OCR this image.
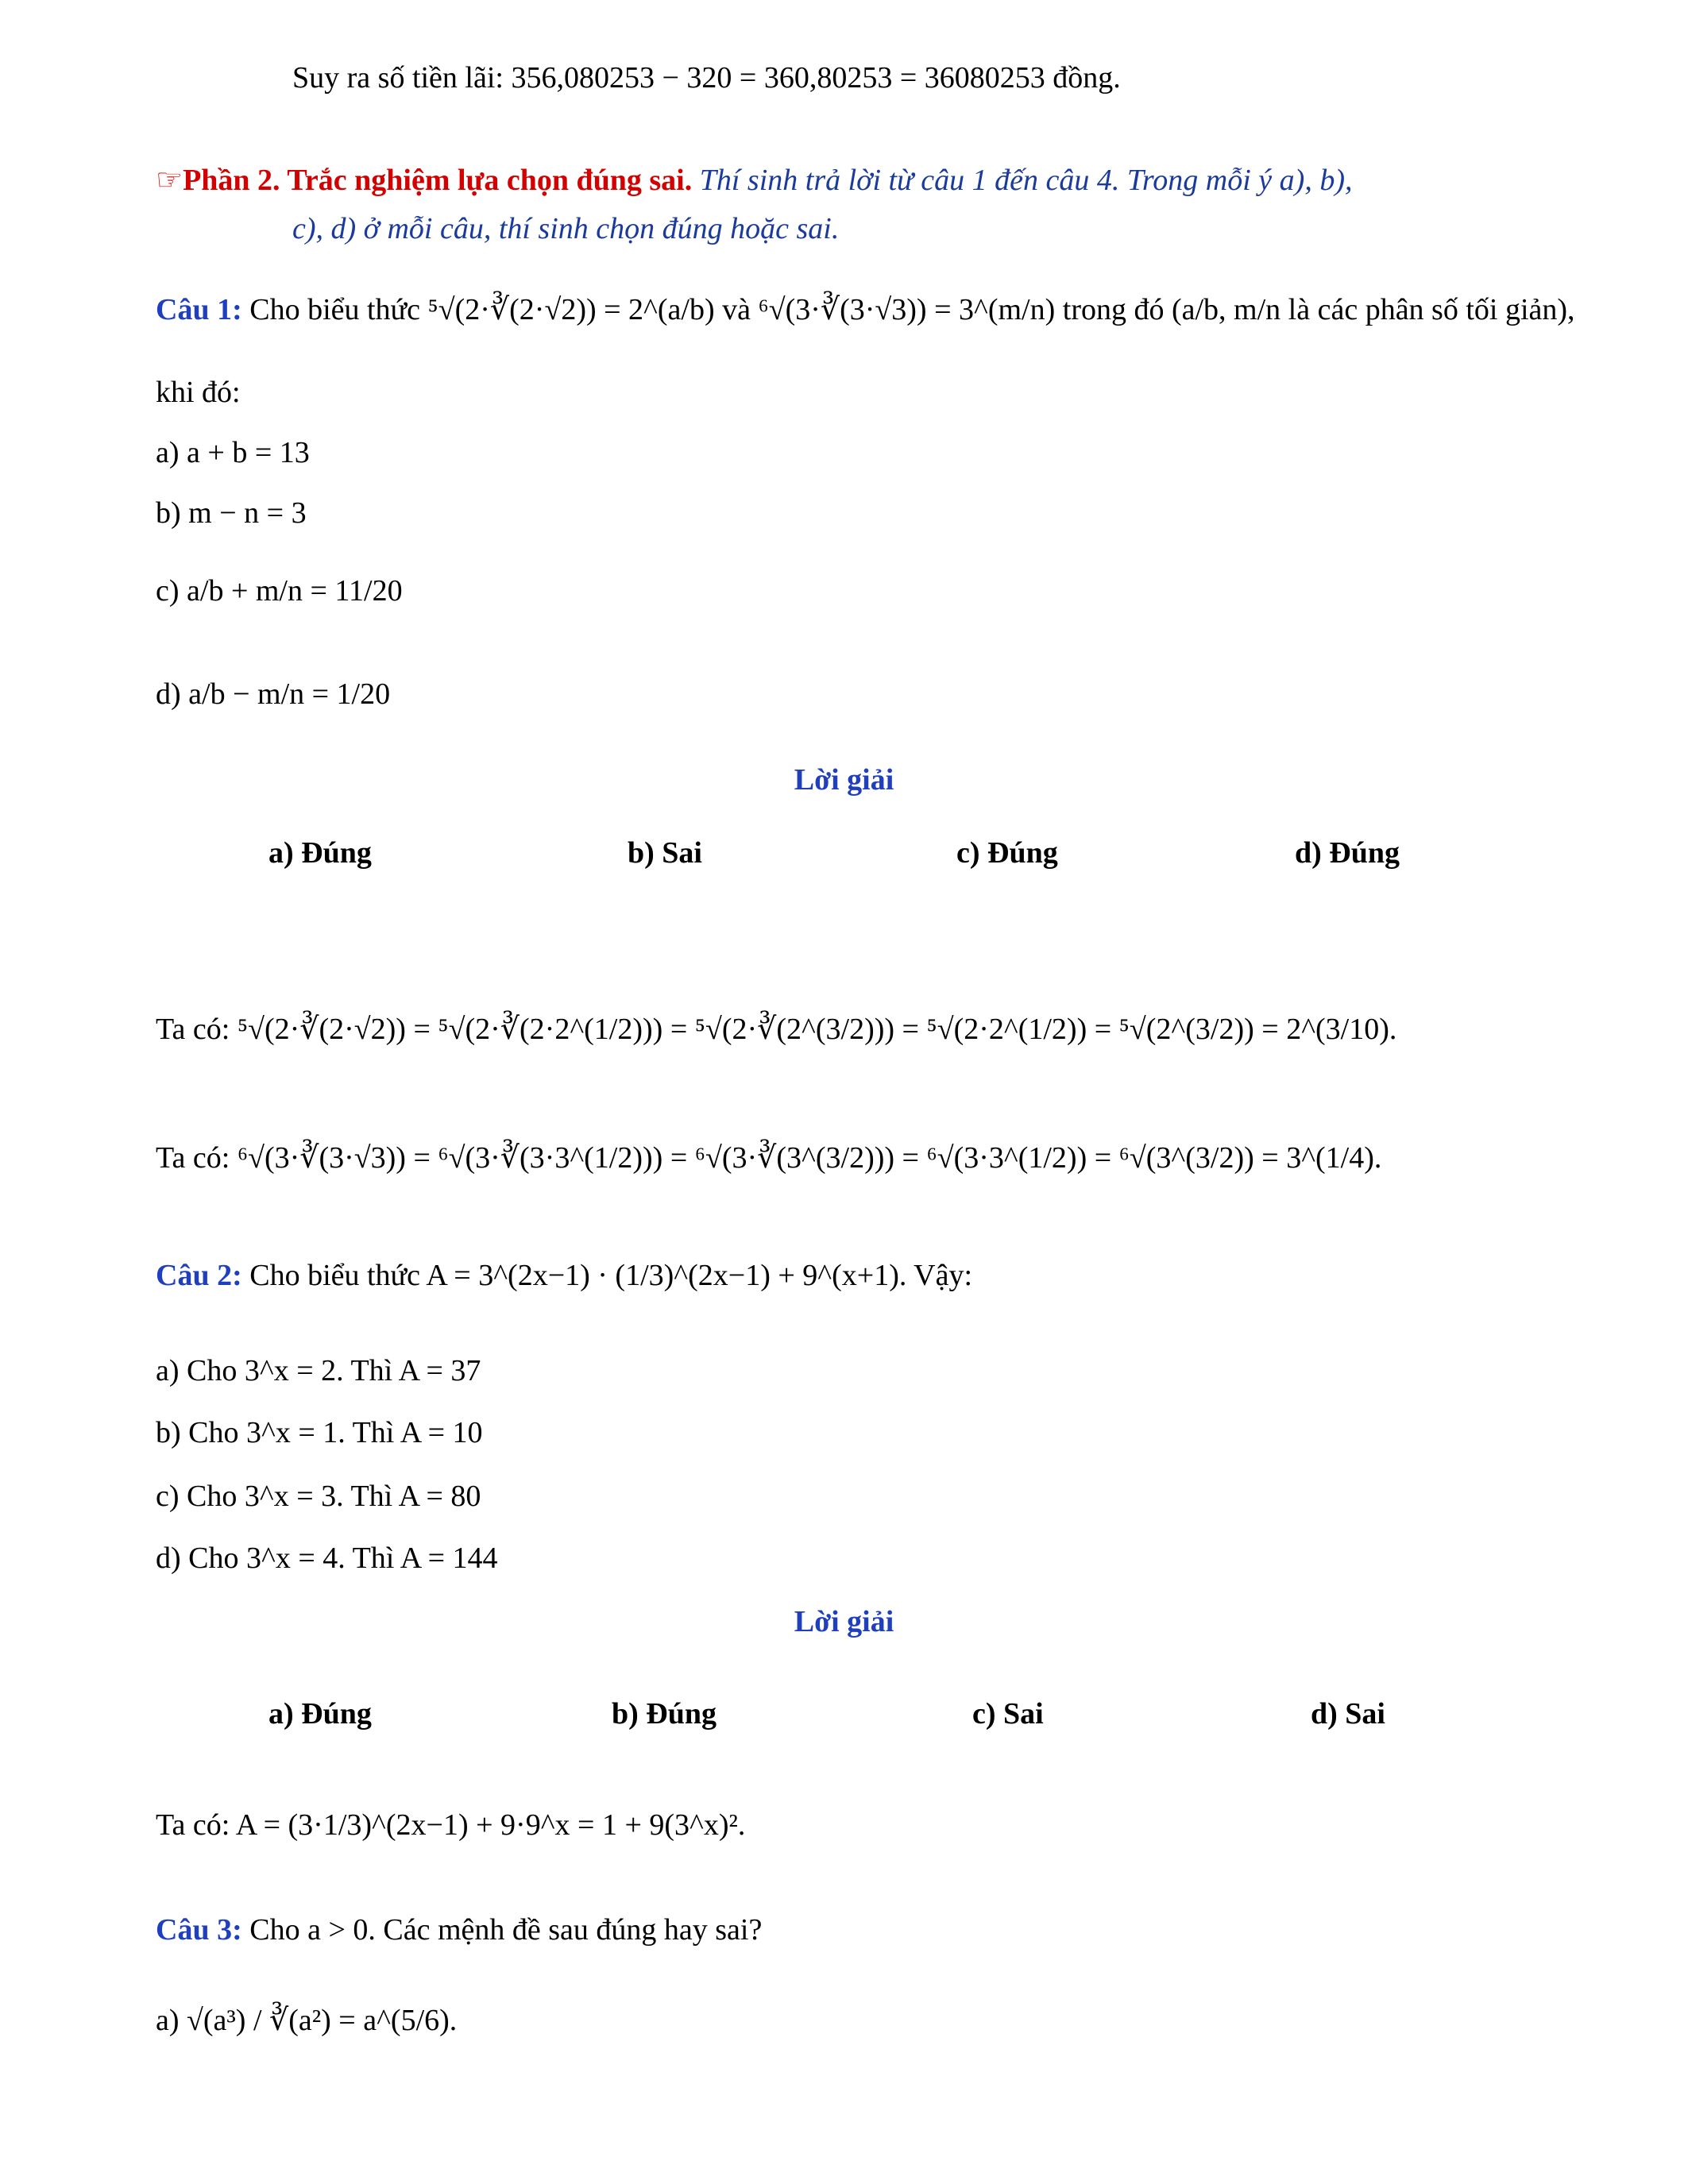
Suy ra số tiền lãi: 356,080253 − 320 = 360,80253 = 36080253 đồng.
☞Phần 2. Trắc nghiệm lựa chọn đúng sai. Thí sinh trả lời từ câu 1 đến câu 4. Trong mỗi ý a), b),
c), d) ở mỗi câu, thí sinh chọn đúng hoặc sai.
Câu 1: Cho biểu thức ⁵√(2·∛(2·√2)) = 2^(a/b) và ⁶√(3·∛(3·√3)) = 3^(m/n) trong đó (a/b, m/n là các phân số tối giản),
khi đó:
a) a + b = 13
b) m − n = 3
c) a/b + m/n = 11/20
d) a/b − m/n = 1/20
Lời giải
a) Đúng	b) Sai	c) Đúng	d) Đúng
Ta có: ⁵√(2·∛(2·√2)) = ⁵√(2·∛(2·2^(1/2))) = ⁵√(2·∛(2^(3/2))) = ⁵√(2·2^(1/2)) = ⁵√(2^(3/2)) = 2^(3/10).
Ta có: ⁶√(3·∛(3·√3)) = ⁶√(3·∛(3·3^(1/2))) = ⁶√(3·∛(3^(3/2))) = ⁶√(3·3^(1/2)) = ⁶√(3^(3/2)) = 3^(1/4).
Câu 2: Cho biểu thức A = 3^(2x−1) · (1/3)^(2x−1) + 9^(x+1). Vậy:
a) Cho 3^x = 2. Thì A = 37
b) Cho 3^x = 1. Thì A = 10
c) Cho 3^x = 3. Thì A = 80
d) Cho 3^x = 4. Thì A = 144
Lời giải
a) Đúng	b) Đúng	c) Sai	d) Sai
Ta có: A = (3·1/3)^(2x−1) + 9·9^x = 1 + 9(3^x)².
Câu 3: Cho a > 0. Các mệnh đề sau đúng hay sai?
a) √(a³) / ∛(a²) = a^(5/6).
